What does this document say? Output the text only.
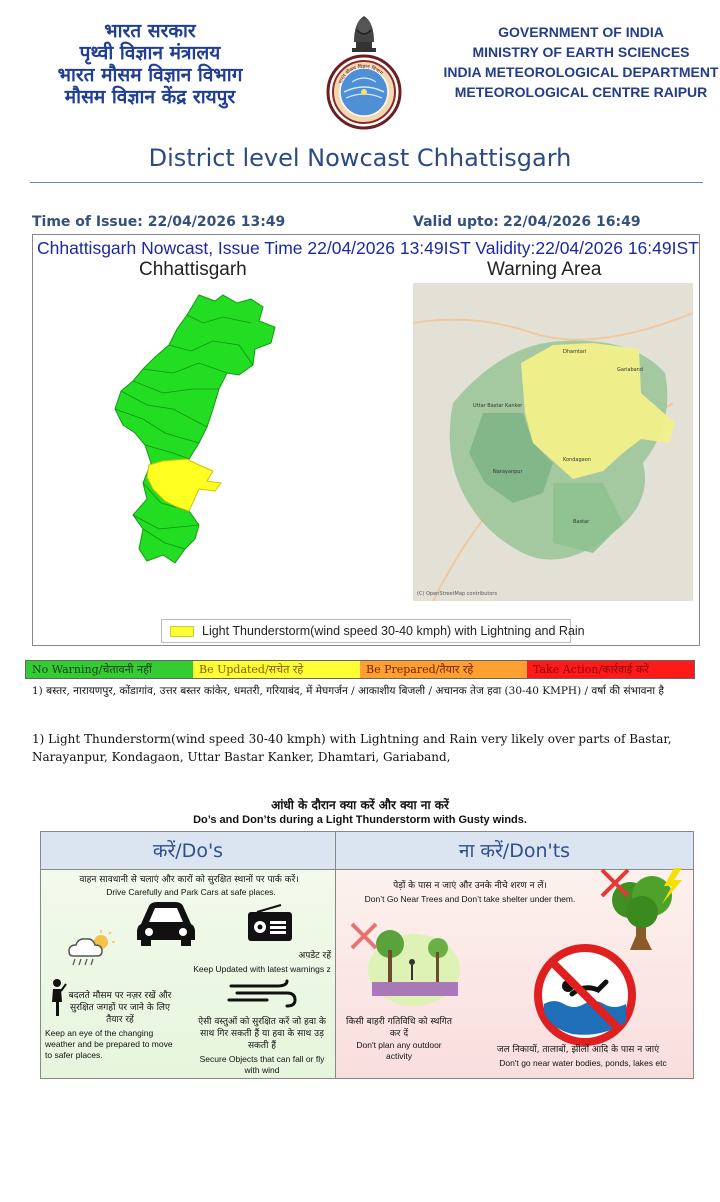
भारत सरकार
पृथ्वी विज्ञान मंत्रालय
भारत मौसम विज्ञान विभाग
मौसम विज्ञान केंद्र रायपुर
भारत मौसम विज्ञान विभाग
GOVERNMENT OF INDIA
MINISTRY OF EARTH SCIENCES
INDIA METEOROLOGICAL DEPARTMENT
METEOROLOGICAL CENTRE RAIPUR
District level Nowcast Chhattisgarh
Time of Issue: 22/04/2026 13:49	Valid upto: 22/04/2026 16:49
Chhattisgarh Nowcast, Issue Time 22/04/2026 13:49IST Validity:22/04/2026 16:49IST
Chhattisgarh	Warning Area
Dhamtari
Gariaband
Uttar Bastar Kanker
Kondagaon
Narayanpur
Bastar
(C) OpenStreetMap contributors
Light Thunderstorm(wind speed 30-40 kmph) with Lightning and Rain
No Warning/चेतावनी नहीं	Be Updated/सचेत रहे	Be Prepared/तैयार रहे	Take Action/कार्रवाई करें
1) बस्तर, नारायणपुर, कोंडागांव, उत्तर बस्तर कांकेर, धमतरी, गरियाबंद, में मेघगर्जन / आकाशीय बिजली / अचानक तेज हवा (30-40 KMPH) / वर्षा की संभावना है
1) Light Thunderstorm(wind speed 30-40 kmph) with Lightning and Rain very likely over parts of Bastar, Narayanpur, Kondagaon, Uttar Bastar Kanker, Dhamtari, Gariaband,
आंधी के दौरान क्या करें और क्या ना करें
Do’s and Don’ts during a Light Thunderstorm with Gusty winds.
करें/Do's
वाहन सावधानी से चलाएं और कारों को सुरक्षित स्थानों पर पार्क करें।
Drive Carefully and Park Cars at safe places.
अपडेट रहें
Keep Updated with latest warnings z
बदलते मौसम पर नज़र रखें और सुरक्षित जगहों पर जाने के लिए तैयार रहें
Keep an eye of the changing weather and be prepared to move to safer places.
ऐसी वस्तुओं को सुरक्षित करें जो हवा के साथ गिर सकती हैं या हवा के साथ उड़ सकती हैं
Secure Objects that can fall or fly with wind
ना करें/Don'ts
पेड़ों के पास न जाएं और उनके नीचे शरण न लें।
Don’t Go Near Trees and Don’t take shelter under them.
किसी बाहरी गतिविधि को स्थगित कर दें
Don't plan any outdoor activity
जल निकायों, तालाबों, झीलों आदि के पास न जाएं
Don't go near water bodies, ponds, lakes etc
